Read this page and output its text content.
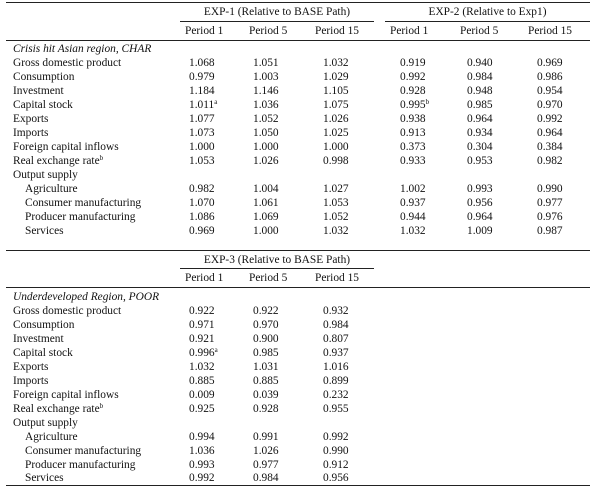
EXP-1 (Relative to BASE Path)	EXP-2 (Relative to Exp1)
Period 1 Period 5 Period 15	Period 1	Period 5	Period 15
Crisis hit Asian region, CHAR
Gross domestic product	1.068	1.051	1.032	0.919	0.940	0.969
Consumption	0.979	1.003	1.029	0.992	0.984	0.986
Investment	1.184	1.146	1.105	0.928	0.948	0.954
Capital stock	1.011$^a$	1.036	1.075	0.995$^b$	0.985	0.970
Exports	1.077	1.052	1.026	0.938	0.964	0.992
Imports	1.073	1.050	1.025	0.913	0.934	0.964
Foreign capital inflows	1.000	1.000	1.000	0.373	0.304	0.384
Real exchange rate$^b$	1.053	1.026	0.998	0.933	0.953	0.982
Output supply
Agriculture	0.982	1.004	1.027	1.002	0.993	0.990
Consumer manufacturing	1.070	1.061	1.053	0.937	0.956	0.977
Producer manufacturing	1.086	1.069	1.052	0.944	0.964	0.976
Services	0.969	1.000	1.032	1.032	1.009	0.987
EXP-3 (Relative to BASE Path)
Period 1 Period 5 Period 15
Underdeveloped Region, POOR
Gross domestic product	0.922	0.922	0.932
Consumption	0.971	0.970	0.984
Investment	0.921	0.900	0.807
Capital stock	0.996$^a$	0.985	0.937
Exports	1.032	1.031	1.016
Imports	0.885	0.885	0.899
Foreign capital inflows	0.009	0.039	0.232
Real exchange rate$^b$	0.925	0.928	0.955
Output supply
Agriculture	0.994	0.991	0.992
Consumer manufacturing	1.036	1.026	0.990
Producer manufacturing	0.993	0.977	0.912
Services	0.992	0.984	0.956
